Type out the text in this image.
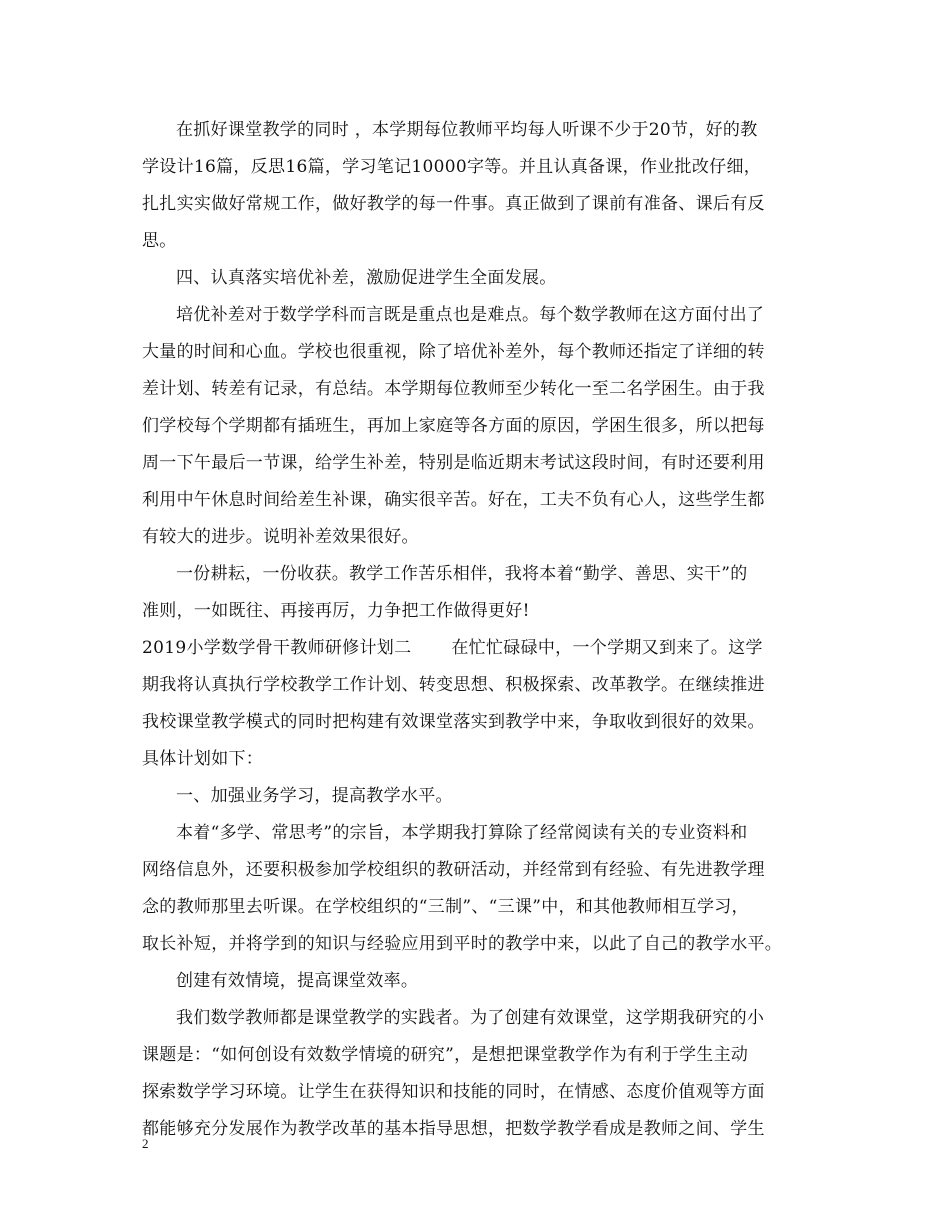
在抓好课堂教学的同时 ，本学期每位教师平均每人听课不少于20节，好的教
学设计16篇，反思16篇，学习笔记10000字等。并且认真备课，作业批改仔细，
扎扎实实做好常规工作，做好教学的每一件事。真正做到了课前有准备、课后有反
思。
四、认真落实培优补差，激励促进学生全面发展。
培优补差对于数学学科而言既是重点也是难点。每个数学教师在这方面付出了
大量的时间和心血。学校也很重视，除了培优补差外，每个教师还指定了详细的转
差计划、转差有记录，有总结。本学期每位教师至少转化一至二名学困生。由于我
们学校每个学期都有插班生，再加上家庭等各方面的原因，学困生很多，所以把每
周一下午最后一节课，给学生补差，特别是临近期末考试这段时间，有时还要利用
利用中午休息时间给差生补课，确实很辛苦。好在，工夫不负有心人，这些学生都
有较大的进步。说明补差效果很好。
一份耕耘，一份收获。教学工作苦乐相伴，我将本着“勤学、善思、实干”的
准则，一如既往、再接再厉，力争把工作做得更好!
2019小学数学骨干教师研修计划二 在忙忙碌碌中，一个学期又到来了。这学
期我将认真执行学校教学工作计划、转变思想、积极探索、改革教学。在继续推进
我校课堂教学模式的同时把构建有效课堂落实到教学中来，争取收到很好的效果。
具体计划如下：
一、加强业务学习，提高教学水平。
本着“多学、常思考”的宗旨，本学期我打算除了经常阅读有关的专业资料和
网络信息外，还要积极参加学校组织的教研活动，并经常到有经验、有先进教学理
念的教师那里去听课。在学校组织的“三制”、“三课”中，和其他教师相互学习，
取长补短，并将学到的知识与经验应用到平时的教学中来，以此了自己的教学水平。
创建有效情境，提高课堂效率。
我们数学教师都是课堂教学的实践者。为了创建有效课堂，这学期我研究的小
课题是：“如何创设有效数学情境的研究”，是想把课堂教学作为有利于学生主动
探索数学学习环境。让学生在获得知识和技能的同时，在情感、态度价值观等方面
都能够充分发展作为教学改革的基本指导思想，把数学教学看成是教师之间、学生
2
